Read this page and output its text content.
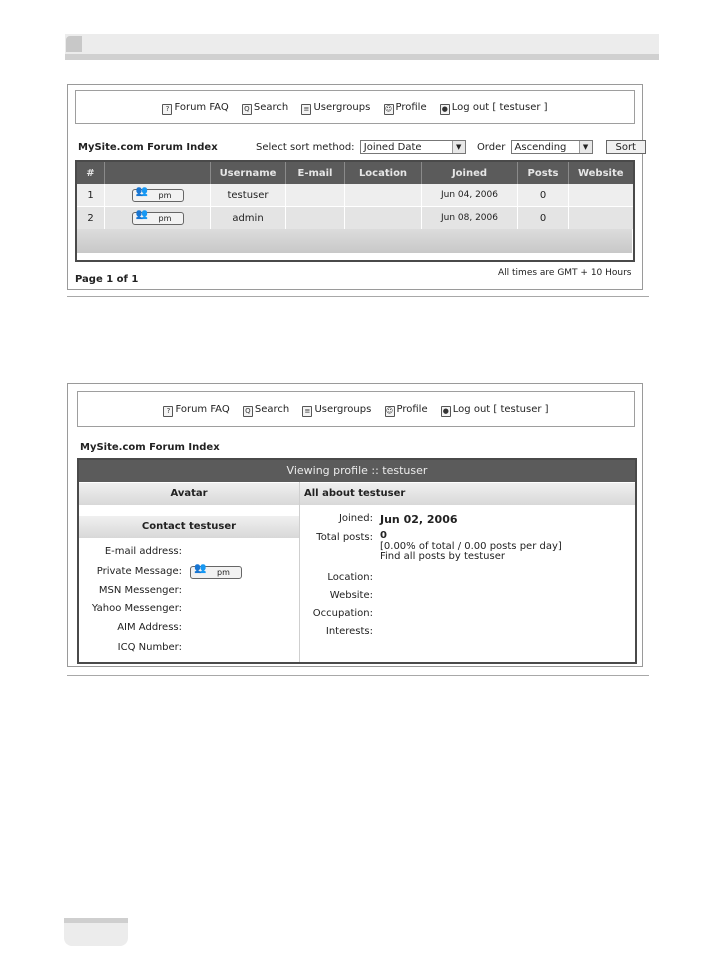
? Forum FAQ Q Search ≡ Usergroups ☺ Profile ● Log out [ testuser ]
MySite.com Forum Index	Select sort method: Joined Date	▼	Order Ascending	▼	Sort
#		Username	E-mail	Location	Joined	Posts	Website
1	👥 pm	testuser			Jun 04, 2006	0	
2	👥 pm	admin			Jun 08, 2006	0	

Page 1 of 1
All times are GMT + 10 Hours
? Forum FAQ Q Search ≡ Usergroups ☺ Profile ● Log out [ testuser ]
MySite.com Forum Index
Viewing profile :: testuser
Avatar
Contact testuser
E-mail address:
Private Message: 👥 pm
MSN Messenger:
Yahoo Messenger:
AIM Address:
ICQ Number:
All about testuser
Joined: Jun 02, 2006
Total posts: 0
[0.00% of total / 0.00 posts per day]
Find all posts by testuser
Location:
Website:
Occupation:
Interests:
